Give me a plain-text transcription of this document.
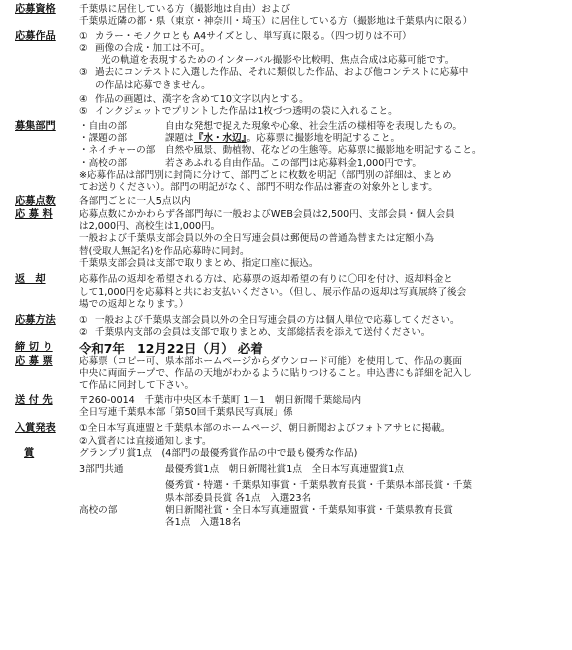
応募資格	千葉県に居住している方（撮影地は自由）および
千葉県近隣の都・県（東京・神奈川・埼玉）に居住している方（撮影地は千葉県内に限る）
応募作品	① カラー・モノクロとも A4サイズとし、単写真に限る。（四つ切りは不可）
② 画像の合成・加工は不可。
光の軌道を表現するためのインターバル撮影や比較明、焦点合成は応募可能です。
③ 過去にコンテストに入選した作品、それに類似した作品、および他コンテストに応募中
の作品は応募できません。
④ 作品の画題は、漢字を含めて10文字以内とする。
⑤ インクジェットでプリントした作品は1枚づつ透明の袋に入れること。
募集部門	・自由の部	自由な発想で捉えた現象や心象、社会生活の様相等を表現したもの。
・課題の部	課題は『水・水辺』。応募票に撮影地を明記すること。
・ネイチャーの部	自然や風景、動植物、花などの生態等。応募票に撮影地を明記すること。
・高校の部	若さあふれる自由作品。この部門は応募料金1,000円です。
※応募作品は部門別に封筒に分けて、部門ごとに枚数を明記（部門別の詳細は、まとめ
てお送りください）。部門の明記がなく、部門不明な作品は審査の対象外とします。
応募点数	各部門ごとに一人5点以内
応 募 料	応募点数にかかわらず各部門毎に一般およびWEB会員は2,500円、支部会員・個人会員
は2,000円、高校生は1,000円。
一般および千葉県支部会員以外の全日写連会員は郵便局の普通為替または定額小為
替(受取人無記名)を作品応募時に同封。
千葉県支部会員は支部で取りまとめ、指定口座に振込。
返　却	応募作品の返却を希望される方は、応募票の返却希望の有りに〇印を付け、返却料金と
して1,000円を応募料と共にお支払いください。（但し、展示作品の返却は写真展終了後会
場での返却となります。）
応募方法	① 一般および千葉県支部会員以外の全日写連会員の方は個人単位で応募してください。
② 千葉県内支部の会員は支部で取りまとめ、支部総括表を添えて送付ください。
締 切 り	令和7年　12月22日（月） 必着
応 募 票	応募票（コピー可、県本部ホームページからダウンロード可能）を使用して、作品の裏面
中央に両面テープで、作品の天地がわかるように貼りつけること。申込書にも詳細を記入し
て作品に同封して下さい。
送 付 先	〒260-0014　千葉市中央区本千葉町 1－1　朝日新聞千葉総局内
全日写連千葉県本部「第50回千葉県民写真展」係
入賞発表	①全日本写真連盟と千葉県本部のホームページ、朝日新聞およびフォトアサヒに掲載。
②入賞者には直接通知します。
賞	グランプリ賞1点　(4部門の最優秀賞作品の中で最も優秀な作品)
3部門共通	最優秀賞1点　朝日新聞社賞1点　全日本写真連盟賞1点
優秀賞・特選・千葉県知事賞・千葉県教育長賞・千葉県本部長賞・千葉
県本部委員長賞 各1点　入選23名
高校の部	朝日新聞社賞・全日本写真連盟賞・千葉県知事賞・千葉県教育長賞
各1点　入選18名
